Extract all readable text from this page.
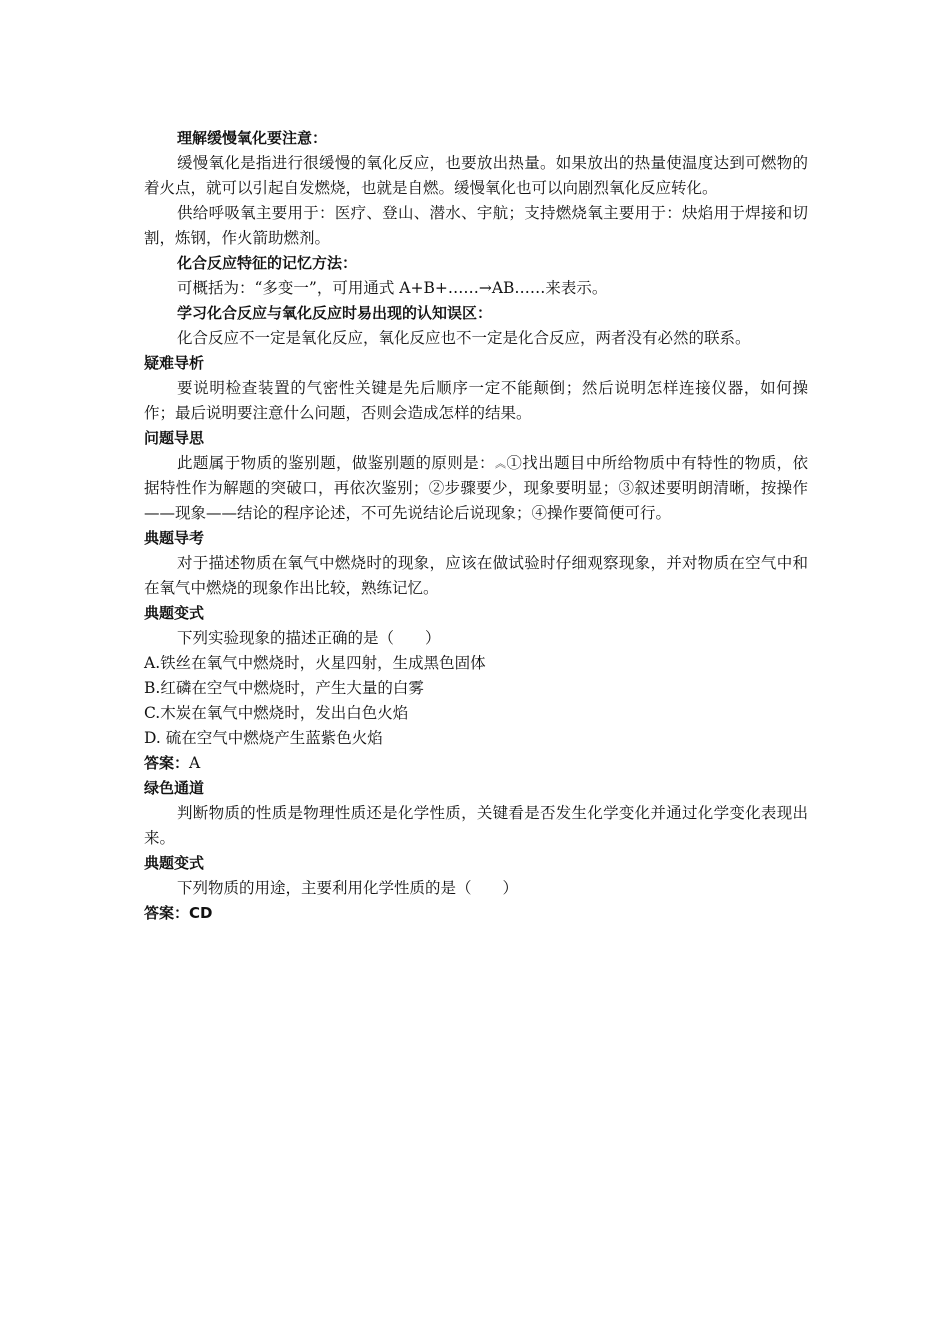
理解缓慢氧化要注意：

缓慢氧化是指进行很缓慢的氧化反应，也要放出热量。如果放出的热量使温度达到可燃物的着火点，就可以引起自发燃烧，也就是自燃。缓慢氧化也可以向剧烈氧化反应转化。

供给呼吸氧主要用于：医疗、登山、潜水、宇航；支持燃烧氧主要用于：炔焰用于焊接和切割，炼钢，作火箭助燃剂。

化合反应特征的记忆方法：

可概括为：“多变一”，可用通式 A+B+……→AB……来表示。

学习化合反应与氧化反应时易出现的认知误区：

化合反应不一定是氧化反应，氧化反应也不一定是化合反应，两者没有必然的联系。

疑难导析

要说明检查装置的气密性关键是先后顺序一定不能颠倒；然后说明怎样连接仪器，如何操作；最后说明要注意什么问题，否则会造成怎样的结果。

问题导思

此题属于物质的鉴别题，做鉴别题的原则是：︽①找出题目中所给物质中有特性的物质，依据特性作为解题的突破口，再依次鉴别；②步骤要少，现象要明显；③叙述要明朗清晰，按操作——现象——结论的程序论述，不可先说结论后说现象；④操作要简便可行。

典题导考

对于描述物质在氧气中燃烧时的现象，应该在做试验时仔细观察现象，并对物质在空气中和在氧气中燃烧的现象作出比较，熟练记忆。

典题变式

下列实验现象的描述正确的是（　　）

A.铁丝在氧气中燃烧时，火星四射，生成黑色固体

B.红磷在空气中燃烧时，产生大量的白雾

C.木炭在氧气中燃烧时，发出白色火焰

D. 硫在空气中燃烧产生蓝紫色火焰

答案：A

绿色通道

判断物质的性质是物理性质还是化学性质，关键看是否发生化学变化并通过化学变化表现出来。

典题变式

下列物质的用途，主要利用化学性质的是（　　）

答案：CD
